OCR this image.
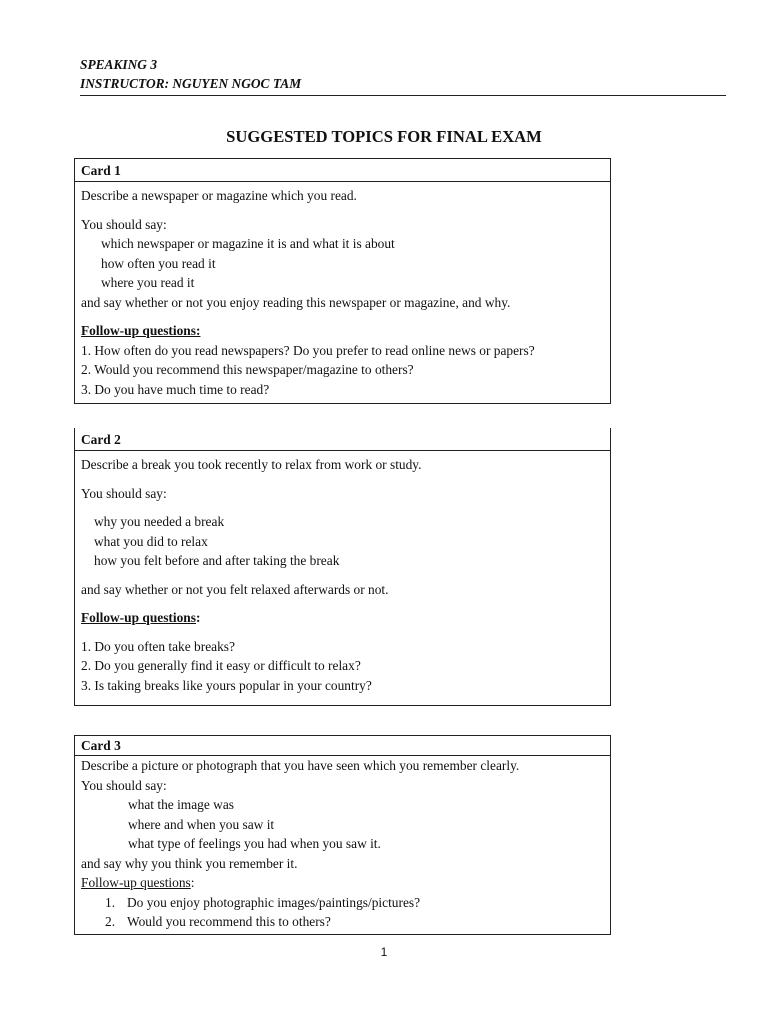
SPEAKING 3
INSTRUCTOR: NGUYEN NGOC TAM
SUGGESTED TOPICS FOR FINAL EXAM
Card 1
Describe a newspaper or magazine which you read.
You should say:
which newspaper or magazine it is and what it is about
how often you read it
where you read it
and say whether or not you enjoy reading this newspaper or magazine, and why.
Follow-up questions:
1. How often do you read newspapers? Do you prefer to read online news or papers?
2. Would you recommend this newspaper/magazine to others?
3. Do you have much time to read?
Card 2
Describe a break you took recently to relax from work or study.
You should say:
why you needed a break
what you did to relax
how you felt before and after taking the break
and say whether or not you felt relaxed afterwards or not.
Follow-up questions:
1. Do you often take breaks?
2. Do you generally find it easy or difficult to relax?
3. Is taking breaks like yours popular in your country?
Card 3
Describe a picture or photograph that you have seen which you remember clearly.
You should say:
what the image was
where and when you saw it
what type of feelings you had when you saw it.
and say why you think you remember it.
Follow-up questions:
1. Do you enjoy photographic images/paintings/pictures?
2. Would you recommend this to others?
1
